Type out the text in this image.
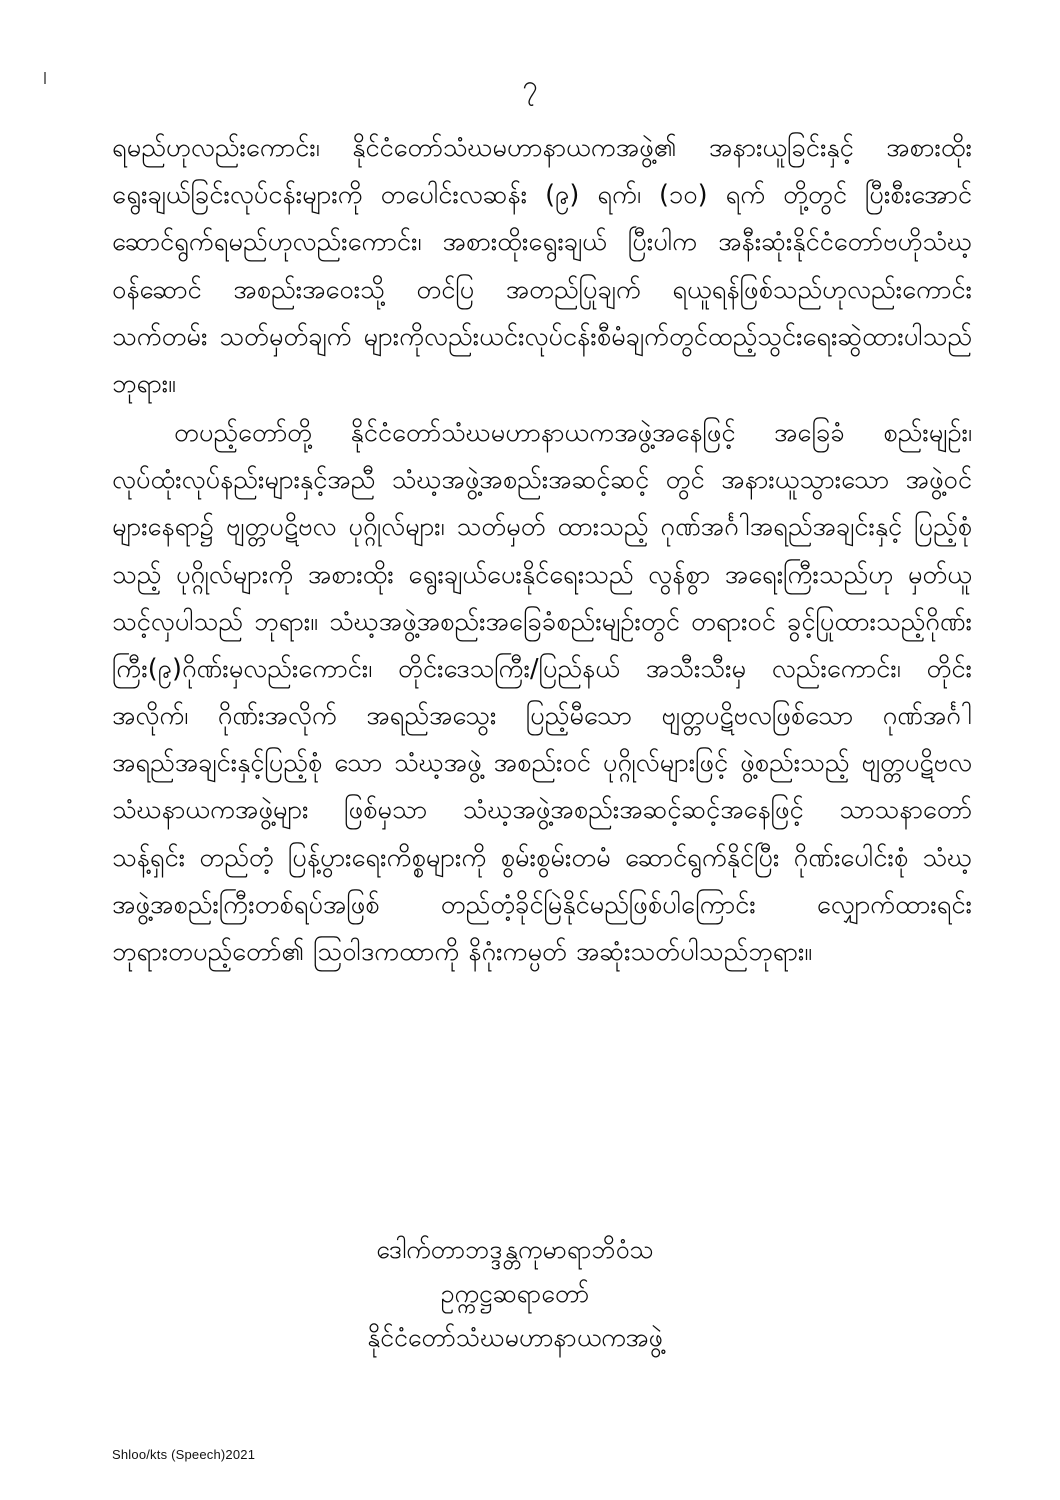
၇

ရမည်ဟုလည်းကောင်း၊ နိုင်ငံတော်သံဃမဟာနာယကအဖွဲ့၏ အနားယူခြင်းနှင့် အစားထိုးရွေးချယ်ခြင်းလုပ်ငန်းများကို တပေါင်းလဆန်း (၉) ရက်၊ (၁၀) ရက် တို့တွင် ပြီးစီးအောင် ဆောင်ရွက်ရမည်ဟုလည်းကောင်း၊ အစားထိုးရွေးချယ် ပြီးပါက အနီးဆုံးနိုင်ငံတော်ဗဟိုသံဃ့ဝန်ဆောင် အစည်းအဝေးသို့ တင်ပြ အတည်ပြုချက် ရယူရန်ဖြစ်သည်ဟုလည်းကောင်း သက်တမ်း သတ်မှတ်ချက် များကိုလည်းယင်းလုပ်ငန်းစီမံချက်တွင်ထည့်သွင်းရေးဆွဲထားပါသည် ဘုရား။

တပည့်တော်တို့ နိုင်ငံတော်သံဃမဟာနာယကအဖွဲ့အနေဖြင့် အခြေခံ စည်းမျဉ်း၊ လုပ်ထုံးလုပ်နည်းများနှင့်အညီ သံဃ့အဖွဲ့အစည်းအဆင့်ဆင့် တွင် အနားယူသွားသော အဖွဲ့ဝင်များနေရာ၌ ဗျတ္တပဋိဗလ ပုဂ္ဂိုလ်များ၊ သတ်မှတ် ထားသည့် ဂုဏ်အင်္ဂါအရည်အချင်းနှင့် ပြည့်စုံသည့် ပုဂ္ဂိုလ်များကို အစားထိုး ရွေးချယ်ပေးနိုင်ရေးသည် လွန်စွာ အရေးကြီးသည်ဟု မှတ်ယူ သင့်လှပါသည် ဘုရား။ သံဃ့အဖွဲ့အစည်းအခြေခံစည်းမျဉ်းတွင် တရားဝင် ခွင့်ပြုထားသည့်ဂိုဏ်းကြီး(၉)ဂိုဏ်းမှလည်းကောင်း၊ တိုင်းဒေသကြီး/ပြည်နယ် အသီးသီးမှ လည်းကောင်း၊ တိုင်းအလိုက်၊ ဂိုဏ်းအလိုက် အရည်အသွေး ပြည့်မီသော ဗျတ္တပဋိဗလဖြစ်သော ဂုဏ်အင်္ဂါအရည်အချင်းနှင့်ပြည့်စုံ သော သံဃ့အဖွဲ့ အစည်းဝင် ပုဂ္ဂိုလ်များဖြင့် ဖွဲ့စည်းသည့် ဗျတ္တပဋိဗလ သံဃနာယကအဖွဲ့များ ဖြစ်မှသာ သံဃ့အဖွဲ့အစည်းအဆင့်ဆင့်အနေဖြင့် သာသနာတော် သန့်ရှင်း တည်တံ့ ပြန့်ပွားရေးကိစ္စများကို စွမ်းစွမ်းတမံ ဆောင်ရွက်နိုင်ပြီး ဂိုဏ်းပေါင်းစုံ သံဃ့အဖွဲ့အစည်းကြီးတစ်ရပ်အဖြစ် တည်တံ့ခိုင်မြဲနိုင်မည်ဖြစ်ပါကြောင်း လျှောက်ထားရင်း ဘုရားတပည့်တော်၏ သြဝါဒကထာကို နိဂုံးကမ္ပတ် အဆုံးသတ်ပါသည်ဘုရား။

ဒေါက်တာဘဒ္ဒန္တကုမာရာဘိဝံသ
ဥက္ကဋ္ဌဆရာတော်
နိုင်ငံတော်သံဃမဟာနာယကအဖွဲ့
Shloo/kts (Speech)2021
